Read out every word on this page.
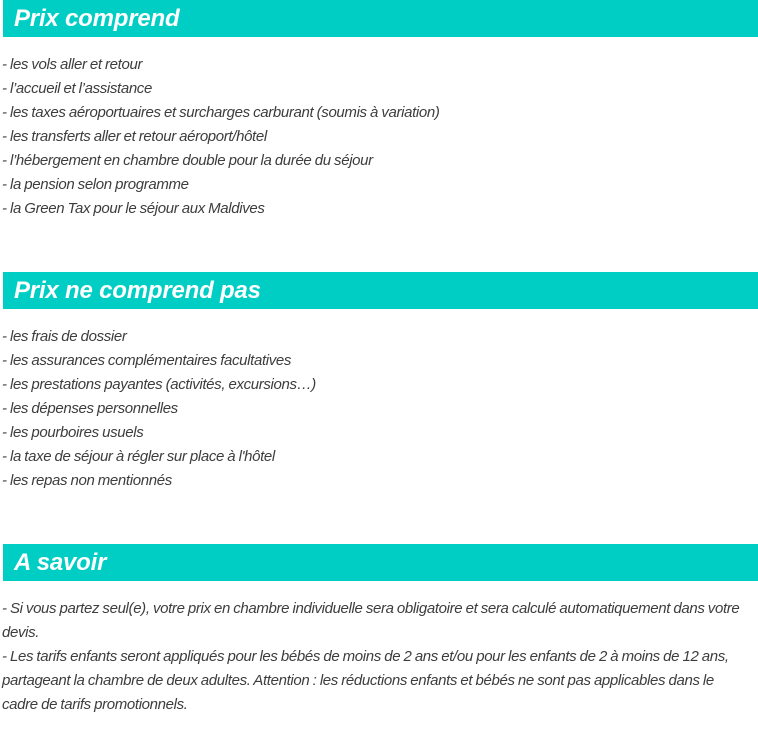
Prix comprend

- les vols aller et retour

- l’accueil et l’assistance

- les taxes aéroportuaires et surcharges carburant (soumis à variation)

- les transferts aller et retour aéroport/hôtel

- l’hébergement en chambre double pour la durée du séjour

- la pension selon programme

- la Green Tax pour le séjour aux Maldives

Prix ne comprend pas

- les frais de dossier

- les assurances complémentaires facultatives

- les prestations payantes (activités, excursions…)

- les dépenses personnelles

- les pourboires usuels

- la taxe de séjour à régler sur place à l'hôtel

- les repas non mentionnés

A savoir

- Si vous partez seul(e), votre prix en chambre individuelle sera obligatoire et sera calculé automatiquement dans votre devis.

- Les tarifs enfants seront appliqués pour les bébés de moins de 2 ans et/ou pour les enfants de 2 à moins de 12 ans, partageant la chambre de deux adultes. Attention : les réductions enfants et bébés ne sont pas applicables dans le cadre de tarifs promotionnels.
